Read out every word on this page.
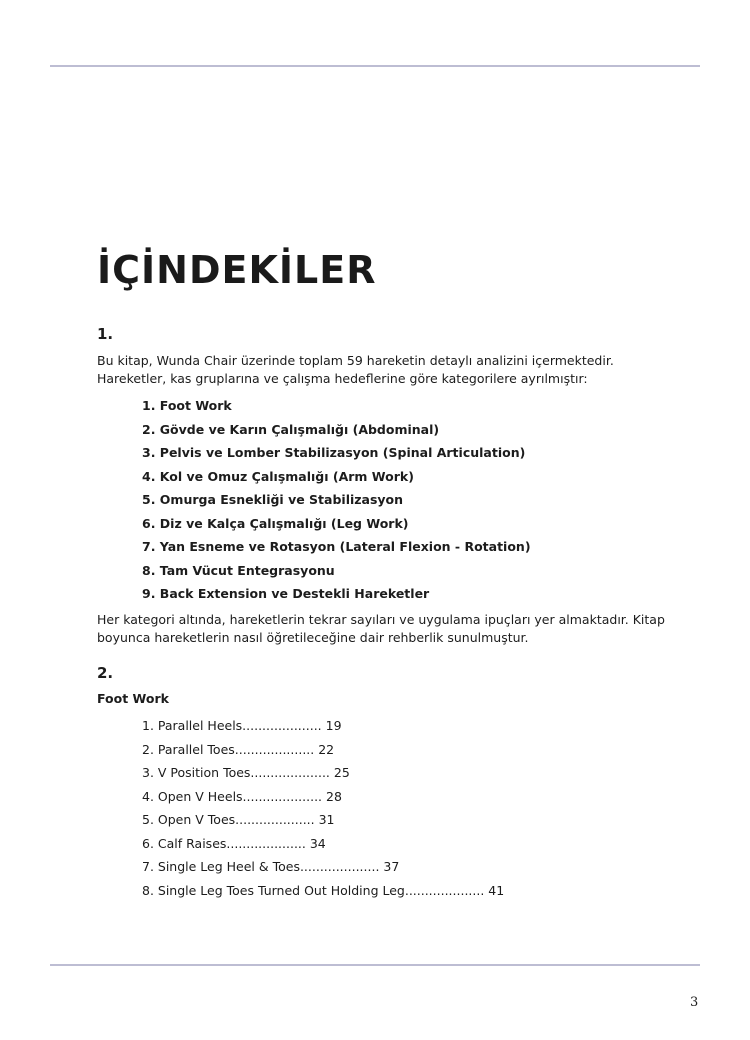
İÇİNDEKİLER
1.

Bu kitap, Wunda Chair üzerinde toplam 59 hareketin detaylı analizini içermektedir. Hareketler, kas gruplarına ve çalışma hedeflerine göre kategorilere ayrılmıştır:

1. Foot Work
2. Gövde ve Karın Çalışmalığı (Abdominal)
3. Pelvis ve Lomber Stabilizasyon (Spinal Articulation)
4. Kol ve Omuz Çalışmalığı (Arm Work)
5. Omurga Esnekliği ve Stabilizasyon
6. Diz ve Kalça Çalışmalığı (Leg Work)
7. Yan Esneme ve Rotasyon (Lateral Flexion - Rotation)
8. Tam Vücut Entegrasyonu
9. Back Extension ve Destekli Hareketler

Her kategori altında, hareketlerin tekrar sayıları ve uygulama ipuçları yer almaktadır. Kitap boyunca hareketlerin nasıl öğretileceğine dair rehberlik sunulmuştur.

2.
Foot Work
1. Parallel Heels.................... 19
2. Parallel Toes.................... 22
3. V Position Toes.................... 25
4. Open V Heels.................... 28
5. Open V Toes.................... 31
6. Calf Raises.................... 34
7. Single Leg Heel & Toes.................... 37
8. Single Leg Toes Turned Out Holding Leg.................... 41
3
